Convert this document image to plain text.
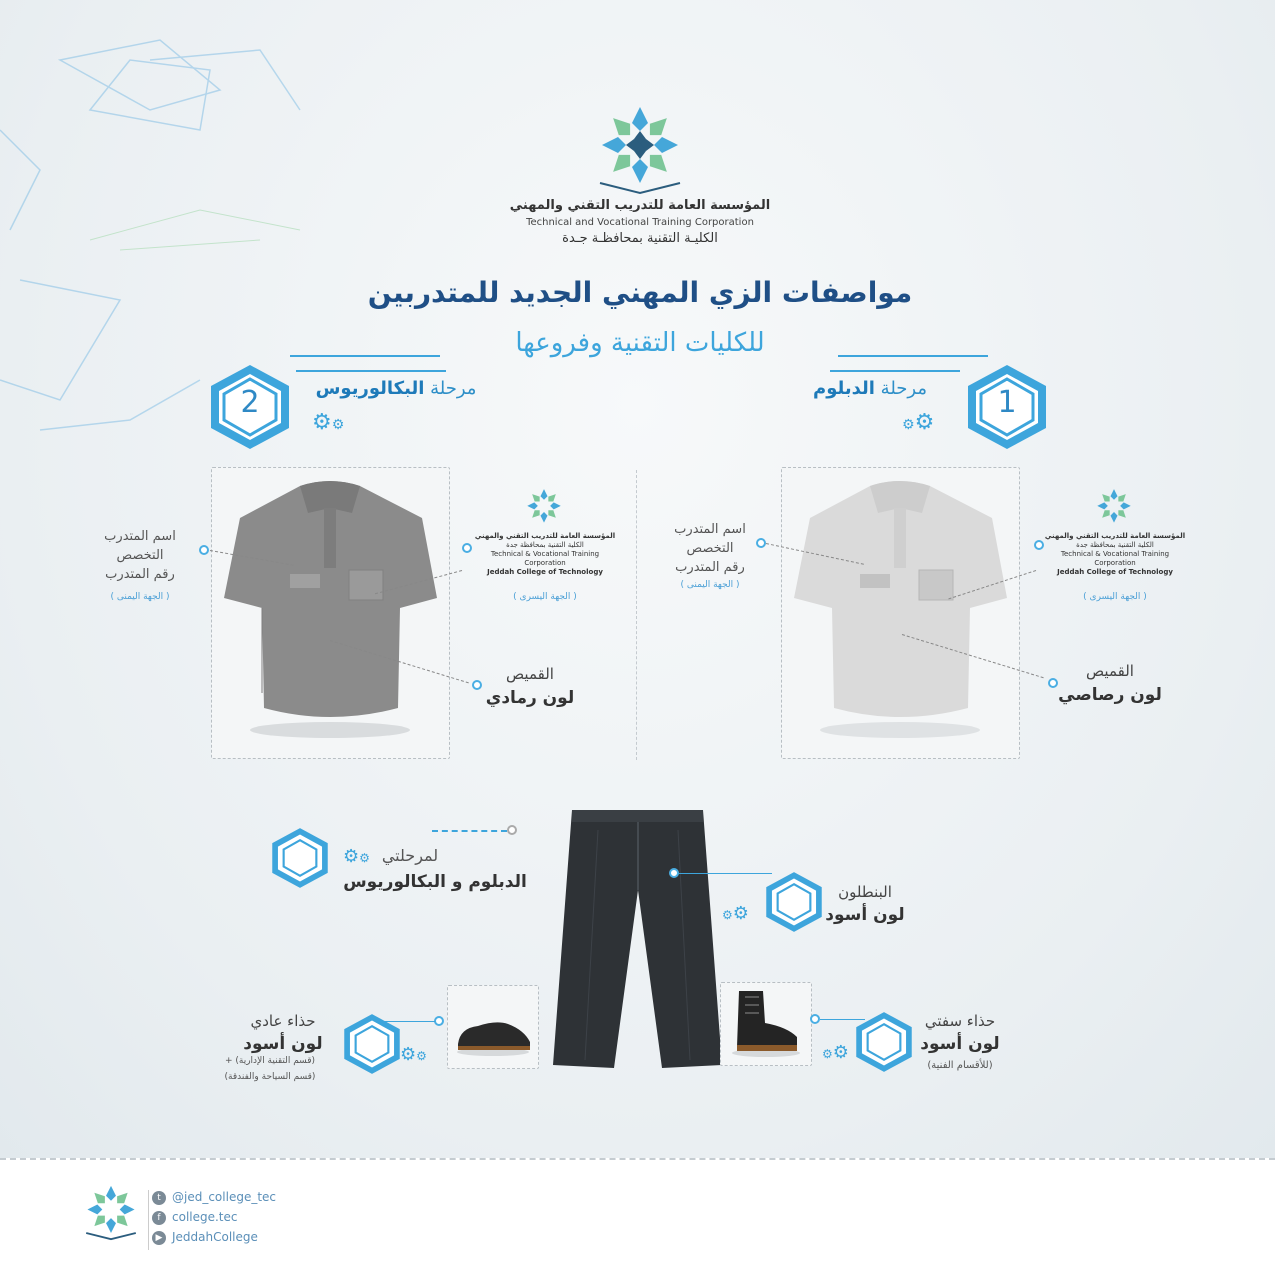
المؤسسة العامة للتدريب التقني والمهني
Technical and Vocational Training Corporation
الكليـة التقنية بمحافظـة جـدة
مواصفات الزي المهني الجديد للمتدربين
للكليات التقنية وفروعها
2	مرحلة البكالوريوس	1
مرحلة الدبلوم
⚙⚙	⚙⚙
اسم المتدرب
التخصص
رقم المتدرب
( الجهة اليمنى )
المؤسسة العامة للتدريب التقني والمهني
الكلية التقنية بمحافظة جدة
Technical & Vocational Training Corporation
Jeddah College of Technology
( الجهة اليسرى )
القميص
لون رمادي
اسم المتدرب
التخصص
رقم المتدرب
( الجهة اليمنى )
المؤسسة العامة للتدريب التقني والمهني
الكلية التقنية بمحافظة جدة
Technical & Vocational Training Corporation
Jeddah College of Technology
( الجهة اليسرى )
القميص
لون رصاصي
⚙⚙ لمرحلتي
الدبلوم و البكالوريوس
⚙⚙
البنطلون
لون أسود
⚙⚙
حذاء عادي
لون أسود
(قسم التقنية الإدارية) +
(قسم السياحة والفندقة)
⚙⚙
حذاء سفتي
لون أسود
(للأقسام الفنية)
t @jed_college_tec
f college.tec
▶ JeddahCollege
